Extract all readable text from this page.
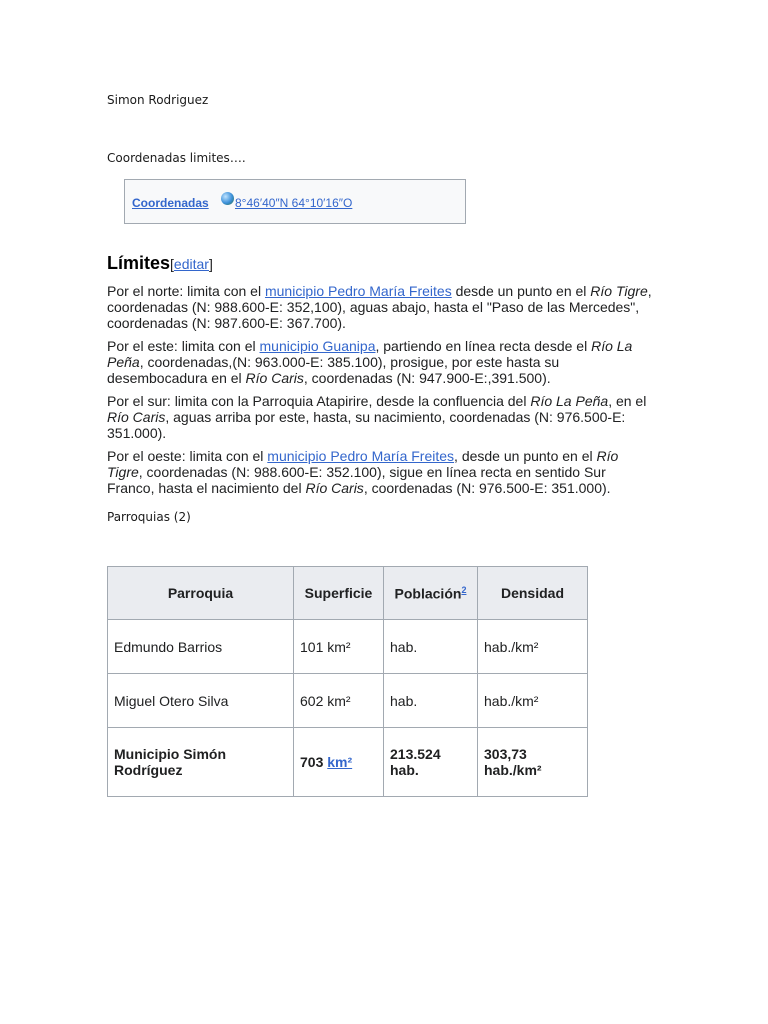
Simon Rodriguez
Coordenadas limites….
Coordenadas 8°46′40″N 64°10′16″O
Límites[editar]

Por el norte: limita con el municipio Pedro María Freites desde un punto en el Río Tigre, coordenadas (N: 988.600-E: 352,100), aguas abajo, hasta el "Paso de las Mercedes", coordenadas (N: 987.600-E: 367.700).

Por el este: limita con el municipio Guanipa, partiendo en línea recta desde el Río La Peña, coordenadas,(N: 963.000-E: 385.100), prosigue, por este hasta su desembocadura en el Río Caris, coordenadas (N: 947.900-E:,391.500).

Por el sur: limita con la Parroquia Atapirire, desde la confluencia del Río La Peña, en el Río Caris, aguas arriba por este, hasta, su nacimiento, coordenadas (N: 976.500-E: 351.000).

Por el oeste: limita con el municipio Pedro María Freites, desde un punto en el Río Tigre, coordenadas (N: 988.600-E: 352.100), sigue en línea recta en sentido Sur Franco, hasta el nacimiento del Río Caris, coordenadas (N: 976.500-E: 351.000).

Parroquias (2)
Parroquia	Superficie	Población$^2$	Densidad
Edmundo Barrios	101 km²	hab.	hab./km²
Miguel Otero Silva	602 km²	hab.	hab./km²
Municipio Simón Rodríguez	703 km²	213.524 hab.	303,73 hab./km²
